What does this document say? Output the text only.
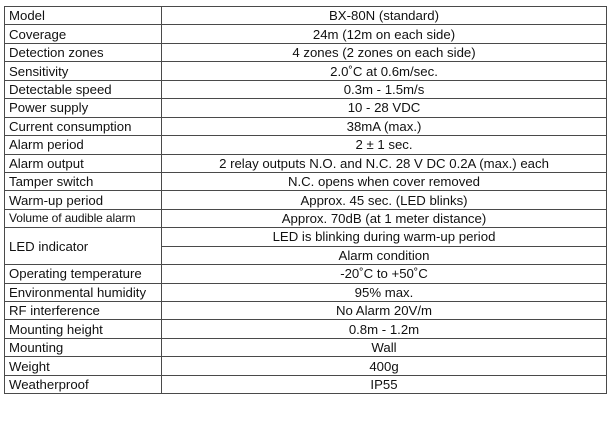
Model	BX-80N (standard)
Coverage	24m (12m on each side)
Detection zones	4 zones (2 zones on each side)
Sensitivity	2.0˚C at 0.6m/sec.
Detectable speed	0.3m - 1.5m/s
Power supply	10 - 28 VDC
Current consumption	38mA (max.)
Alarm period	2 ± 1 sec.
Alarm output	2 relay outputs N.O. and N.C. 28 V DC 0.2A (max.) each
Tamper switch	N.C. opens when cover removed
Warm-up period	Approx. 45 sec. (LED blinks)
Volume of audible alarm	Approx. 70dB (at 1 meter distance)
LED indicator	LED is blinking during warm-up period
	Alarm condition
Operating temperature	-20˚C to +50˚C
Environmental humidity	95% max.
RF interference	No Alarm 20V/m
Mounting height	0.8m - 1.2m
Mounting	Wall
Weight	400g
Weatherproof	IP55
